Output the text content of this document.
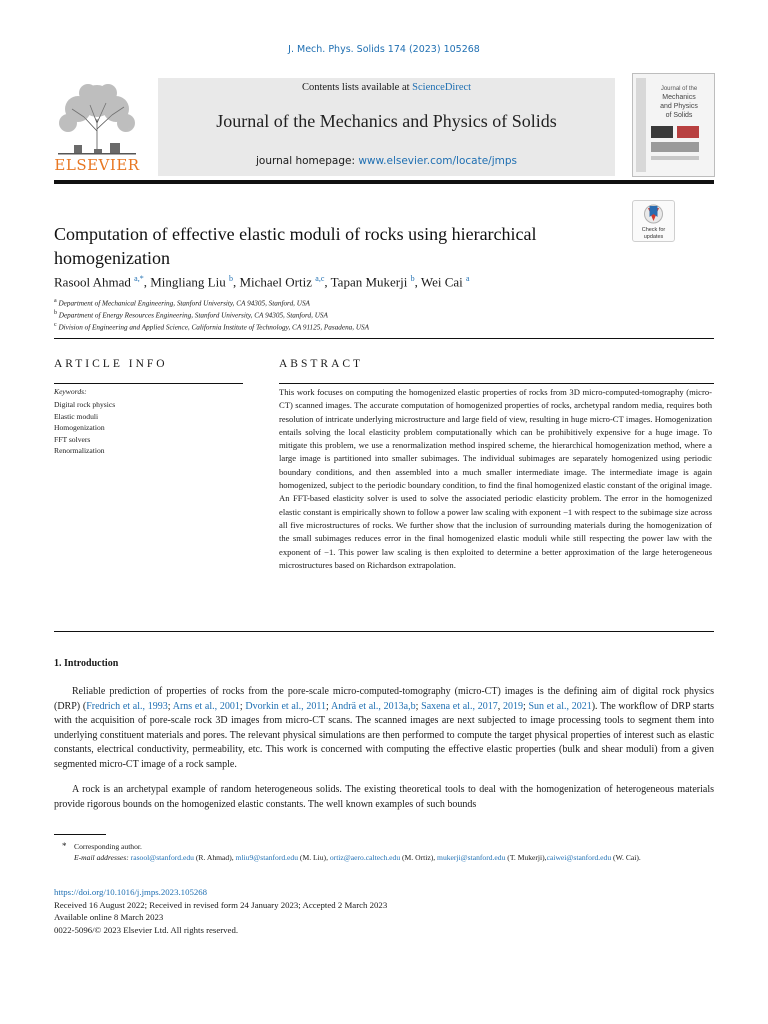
J. Mech. Phys. Solids 174 (2023) 105268
ELSEVIER
Contents lists available at ScienceDirect
Journal of the Mechanics and Physics of Solids
journal homepage: www.elsevier.com/locate/jmps
Journal of the
Mechanics
and Physics
of Solids
Check for
updates
Computation of effective elastic moduli of rocks using hierarchical homogenization
Rasool Ahmad $^{a,*}$, Mingliang Liu $^b$, Michael Ortiz $^{a,c}$, Tapan Mukerji $^b$, Wei Cai $^a$
$^a$ Department of Mechanical Engineering, Stanford University, CA 94305, Stanford, USA
$^b$ Department of Energy Resources Engineering, Stanford University, CA 94305, Stanford, USA
$^c$ Division of Engineering and Applied Science, California Institute of Technology, CA 91125, Pasadena, USA
ARTICLE INFO	ABSTRACT
Keywords:
Digital rock physics
Elastic moduli
Homogenization
FFT solvers
Renormalization
This work focuses on computing the homogenized elastic properties of rocks from 3D micro-computed-tomography (micro-CT) scanned images. The accurate computation of homogenized properties of rocks, archetypal random media, requires both resolution of intricate underlying microstructure and large field of view, resulting in huge micro-CT images. Homogenization entails solving the local elasticity problem computationally which can be prohibitively expensive for a huge image. To mitigate this problem, we use a renormalization method inspired scheme, the hierarchical homogenization method, where a large image is partitioned into smaller subimages. The individual subimages are separately homogenized using periodic boundary conditions, and then assembled into a much smaller intermediate image. The intermediate image is again homogenized, subject to the periodic boundary condition, to find the final homogenized elastic constant of the original image. An FFT-based elasticity solver is used to solve the associated periodic elasticity problem. The error in the homogenized elastic constant is empirically shown to follow a power law scaling with exponent −1 with respect to the subimage size across all five microstructures of rocks. We further show that the inclusion of surrounding materials during the homogenization of the small subimages reduces error in the final homogenized elastic moduli while still respecting the power law with the exponent of −1. This power law scaling is then exploited to determine a better approximation of the large heterogeneous microstructures based on Richardson extrapolation.
1. Introduction
Reliable prediction of properties of rocks from the pore-scale micro-computed-tomography (micro-CT) images is the defining aim of digital rock physics (DRP) (Fredrich et al., 1993; Arns et al., 2001; Dvorkin et al., 2011; Andrä et al., 2013a,b; Saxena et al., 2017, 2019; Sun et al., 2021). The workflow of DRP starts with the acquisition of pore-scale rock 3D images from micro-CT scans. The scanned images are next subjected to image processing tools to segment them into underlying constituent materials and pores. The relevant physical simulations are then performed to compute the target physical properties of interest such as elastic constants, electrical conductivity, permeability, etc. This work is concerned with computing the effective elastic properties (bulk and shear moduli) from a given segmented micro-CT image of a rock sample.
A rock is an archetypal example of random heterogeneous solids. The existing theoretical tools to deal with the homogenization of heterogeneous materials provide rigorous bounds on the homogenized elastic constants. The well known examples of such bounds
* Corresponding author.
E-mail addresses: rasool@stanford.edu (R. Ahmad), mliu9@stanford.edu (M. Liu), ortiz@aero.caltech.edu (M. Ortiz), mukerji@stanford.edu (T. Mukerji),caiwei@stanford.edu (W. Cai).
https://doi.org/10.1016/j.jmps.2023.105268
Received 16 August 2022; Received in revised form 24 January 2023; Accepted 2 March 2023
Available online 8 March 2023
0022-5096/© 2023 Elsevier Ltd. All rights reserved.
